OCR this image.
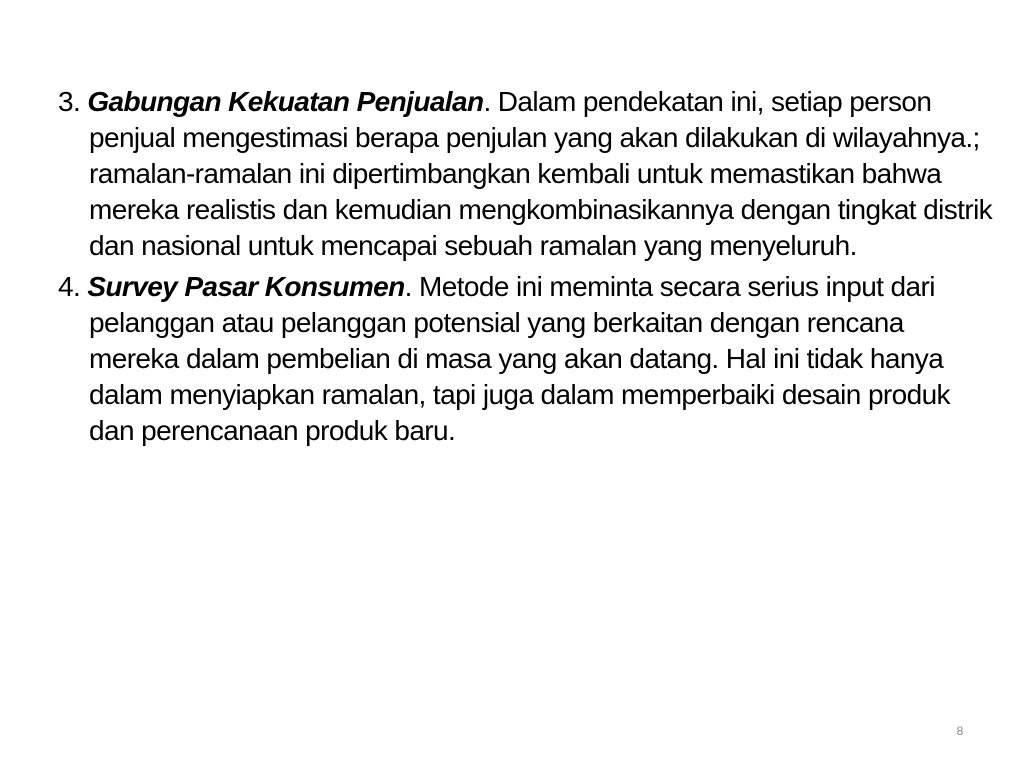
3. Gabungan Kekuatan Penjualan. Dalam pendekatan ini, setiap person penjual mengestimasi berapa penjulan yang akan dilakukan di wilayahnya.; ramalan-ramalan ini dipertimbangkan kembali untuk memastikan bahwa mereka realistis dan kemudian mengkombinasikannya dengan tingkat distrik dan nasional untuk mencapai sebuah ramalan yang menyeluruh.

4. Survey Pasar Konsumen. Metode ini meminta secara serius input dari pelanggan atau pelanggan potensial yang berkaitan dengan rencana mereka dalam pembelian di masa yang akan datang. Hal ini tidak hanya dalam menyiapkan ramalan, tapi juga dalam memperbaiki desain produk dan perencanaan produk baru.

8
